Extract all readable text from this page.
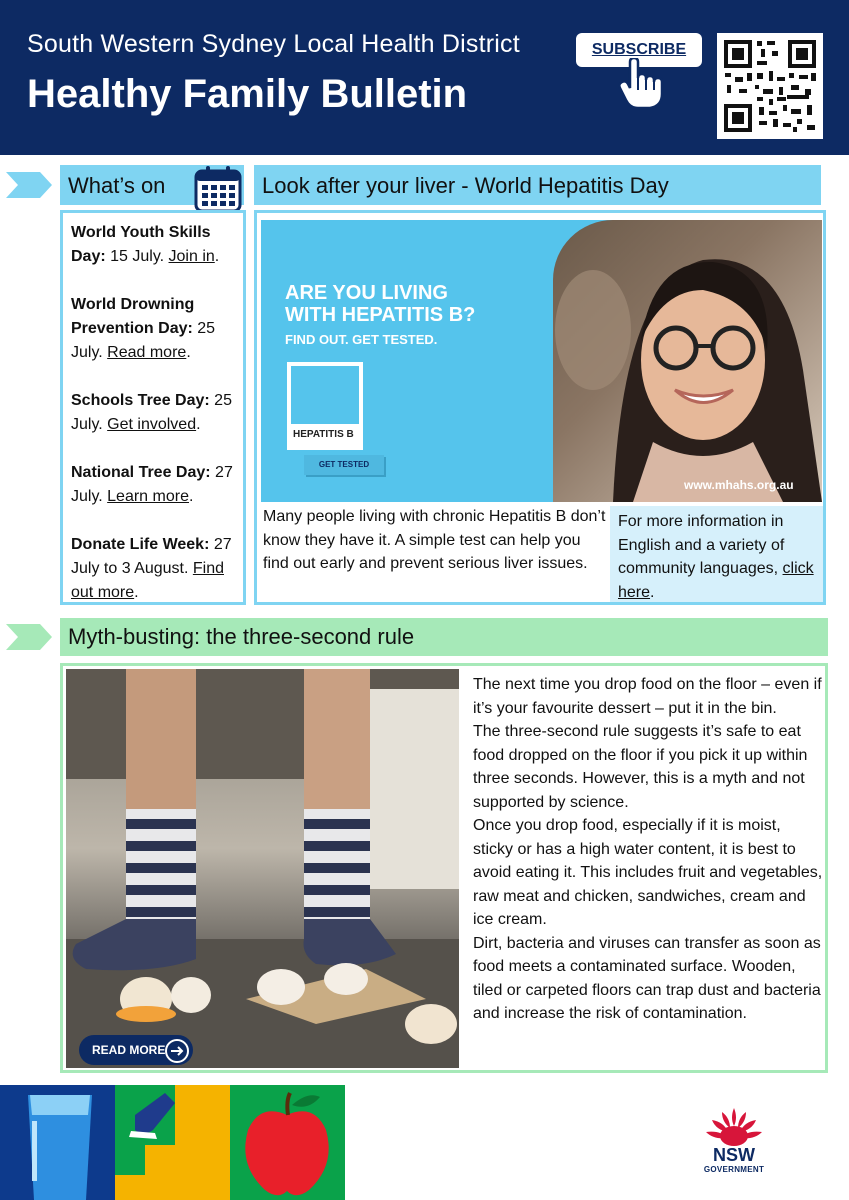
South Western Sydney Local Health District
Healthy Family Bulletin
SUBSCRIBE
What’s on

World Youth Skills Day: 15 July. Join in.

World Drowning Prevention Day: 25 July. Read more.

Schools Tree Day: 25 July. Get involved.

National Tree Day: 27 July. Learn more.

Donate Life Week: 27 July to 3 August. Find out more.

Look after your liver - World Hepatitis Day
ARE YOU LIVING
WITH HEPATITIS B?
FIND OUT. GET TESTED.
HEPATITIS B
GET TESTED
www.mhahs.org.au
Many people living with chronic Hepatitis B don’t know they have it. A simple test can help you find out early and prevent serious liver issues.
For more information in English and a variety of community languages, click here.
Myth-busting: the three-second rule
READ MORE

The next time you drop food on the floor – even if it’s your favourite dessert – put it in the bin.

The three-second rule suggests it’s safe to eat food dropped on the floor if you pick it up within three seconds. However, this is a myth and not supported by science.

Once you drop food, especially if it is moist, sticky or has a high water content, it is best to avoid eating it. This includes fruit and vegetables, raw meat and chicken, sandwiches, cream and ice cream.

Dirt, bacteria and viruses can transfer as soon as food meets a contaminated surface. Wooden, tiled or carpeted floors can trap dust and bacteria and increase the risk of contamination.

NSW
GOVERNMENT
